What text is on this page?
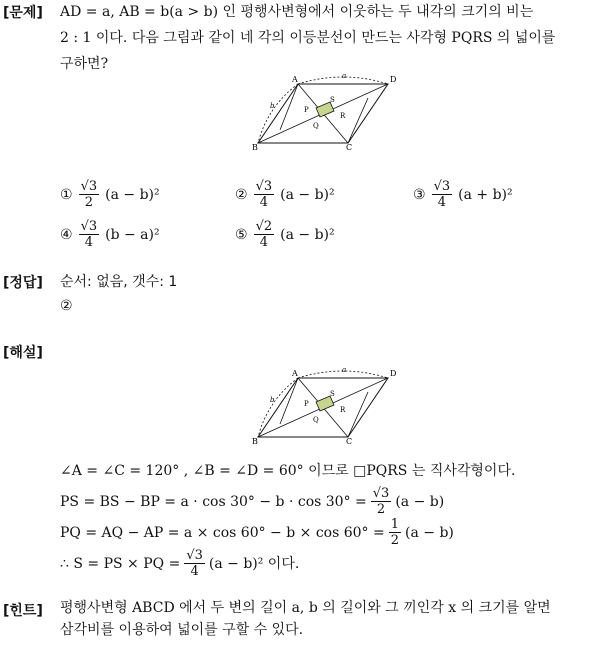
[문제] AD = a, AB = b(a > b) 인 평행사변형에서 이웃하는 두 내각의 크기의 비는
2 : 1 이다. 다음 그림과 같이 네 각의 이등분선이 만드는 사각형 PQRS 의 넓이를
구하면?
A	D
B	C
P
Q
R
S
a
b
① $\frac{√3}{2} (a - b)^2$	② $\frac{√3}{4} (a - b)^2$	③ $\frac{√3}{4} (a + b)^2$
④ $\frac{√3}{4} (b - a)^2$	⑤ $\frac{√2}{4} (a - b)^2$
[정답] 순서: 없음, 갯수: 1
②
[해설]
A	D
B	C
P
Q
R
S
a
b
∠A = ∠C = 120° , ∠B = ∠D = 60° 이므로 □PQRS 는 직사각형이다.
PS = BS − BP = $a \cdot \cos 30^\circ - b \cdot \cos 30^\circ = \frac{√3}{2} (a - b)$
PQ = AQ − AP = $a \times \cos 60^\circ - b \times \cos 60^\circ = \frac{1}{2} (a - b)$
∴ S = PS × PQ = $\frac{√3}{4} (a - b)^2$ 이다.
[힌트] 평행사변형 ABCD 에서 두 변의 길이 a, b 의 길이와 그 끼인각 x 의 크기를 알면
삼각비를 이용하여 넓이를 구할 수 있다.
